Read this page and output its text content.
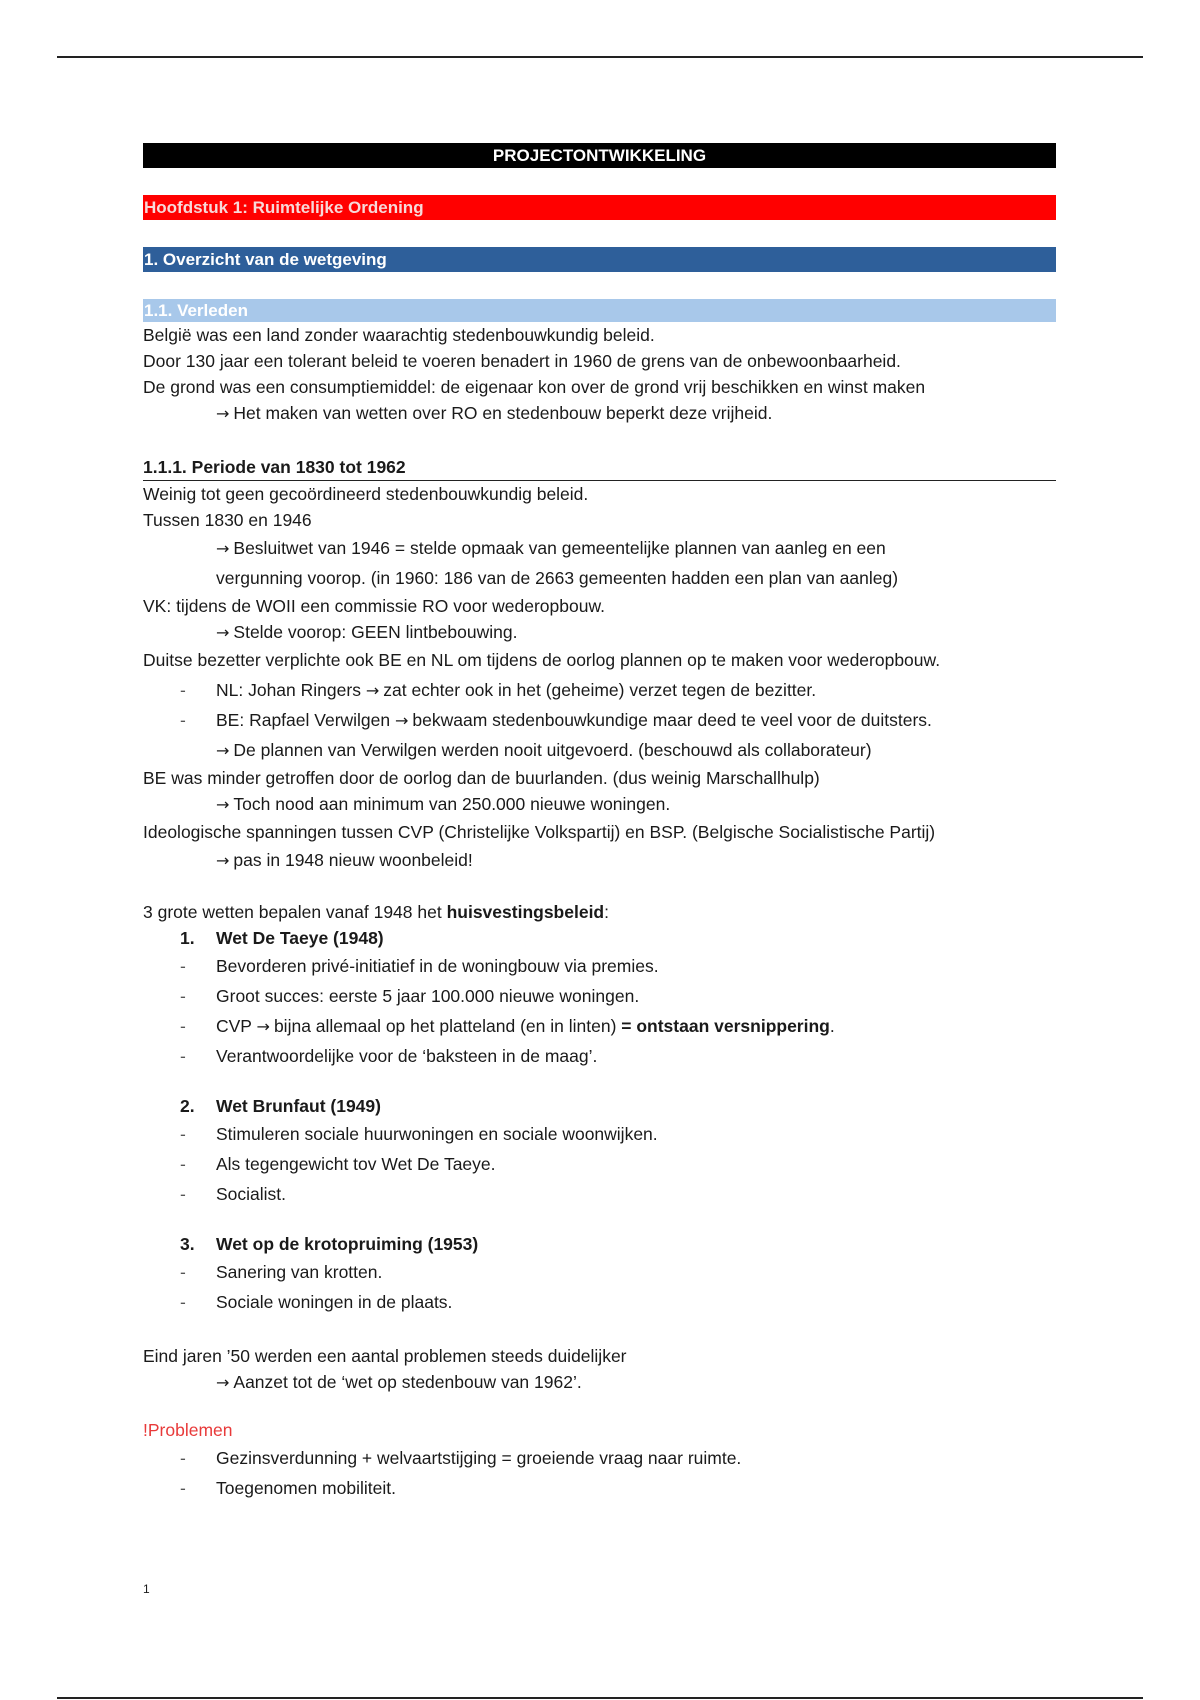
PROJECTONTWIKKELING
Hoofdstuk 1: Ruimtelijke Ordening
1. Overzicht van de wetgeving
1.1. Verleden
België was een land zonder waarachtig stedenbouwkundig beleid.
Door 130 jaar een tolerant beleid te voeren benadert in 1960 de grens van de onbewoonbaarheid.
De grond was een consumptiemiddel: de eigenaar kon over de grond vrij beschikken en winst maken
→ Het maken van wetten over RO en stedenbouw beperkt deze vrijheid.
1.1.1. Periode van 1830 tot 1962
Weinig tot geen gecoördineerd stedenbouwkundig beleid.
Tussen 1830 en 1946
→ Besluitwet van 1946 = stelde opmaak van gemeentelijke plannen van aanleg en een
vergunning voorop. (in 1960: 186 van de 2663 gemeenten hadden een plan van aanleg)
VK: tijdens de WOII een commissie RO voor wederopbouw.
→ Stelde voorop: GEEN lintbebouwing.
Duitse bezetter verplichte ook BE en NL om tijdens de oorlog plannen op te maken voor wederopbouw.
-	NL: Johan Ringers → zat echter ook in het (geheime) verzet tegen de bezitter.
-	BE: Rapfael Verwilgen → bekwaam stedenbouwkundige maar deed te veel voor de duitsters.
→ De plannen van Verwilgen werden nooit uitgevoerd. (beschouwd als collaborateur)
BE was minder getroffen door de oorlog dan de buurlanden. (dus weinig Marschallhulp)
→ Toch nood aan minimum van 250.000 nieuwe woningen.
Ideologische spanningen tussen CVP (Christelijke Volkspartij) en BSP. (Belgische Socialistische Partij)
→ pas in 1948 nieuw woonbeleid!
3 grote wetten bepalen vanaf 1948 het huisvestingsbeleid:
1.	Wet De Taeye (1948)
-	Bevorderen privé-initiatief in de woningbouw via premies.
-	Groot succes: eerste 5 jaar 100.000 nieuwe woningen.
-	CVP → bijna allemaal op het platteland (en in linten) = ontstaan versnippering.
-	Verantwoordelijke voor de ‘baksteen in de maag’.
2.	Wet Brunfaut (1949)
-	Stimuleren sociale huurwoningen en sociale woonwijken.
-	Als tegengewicht tov Wet De Taeye.
-	Socialist.
3.	Wet op de krotopruiming (1953)
-	Sanering van krotten.
-	Sociale woningen in de plaats.
Eind jaren ’50 werden een aantal problemen steeds duidelijker
→ Aanzet tot de ‘wet op stedenbouw van 1962’.
!Problemen
-	Gezinsverdunning + welvaartstijging = groeiende vraag naar ruimte.
-	Toegenomen mobiliteit.
1
